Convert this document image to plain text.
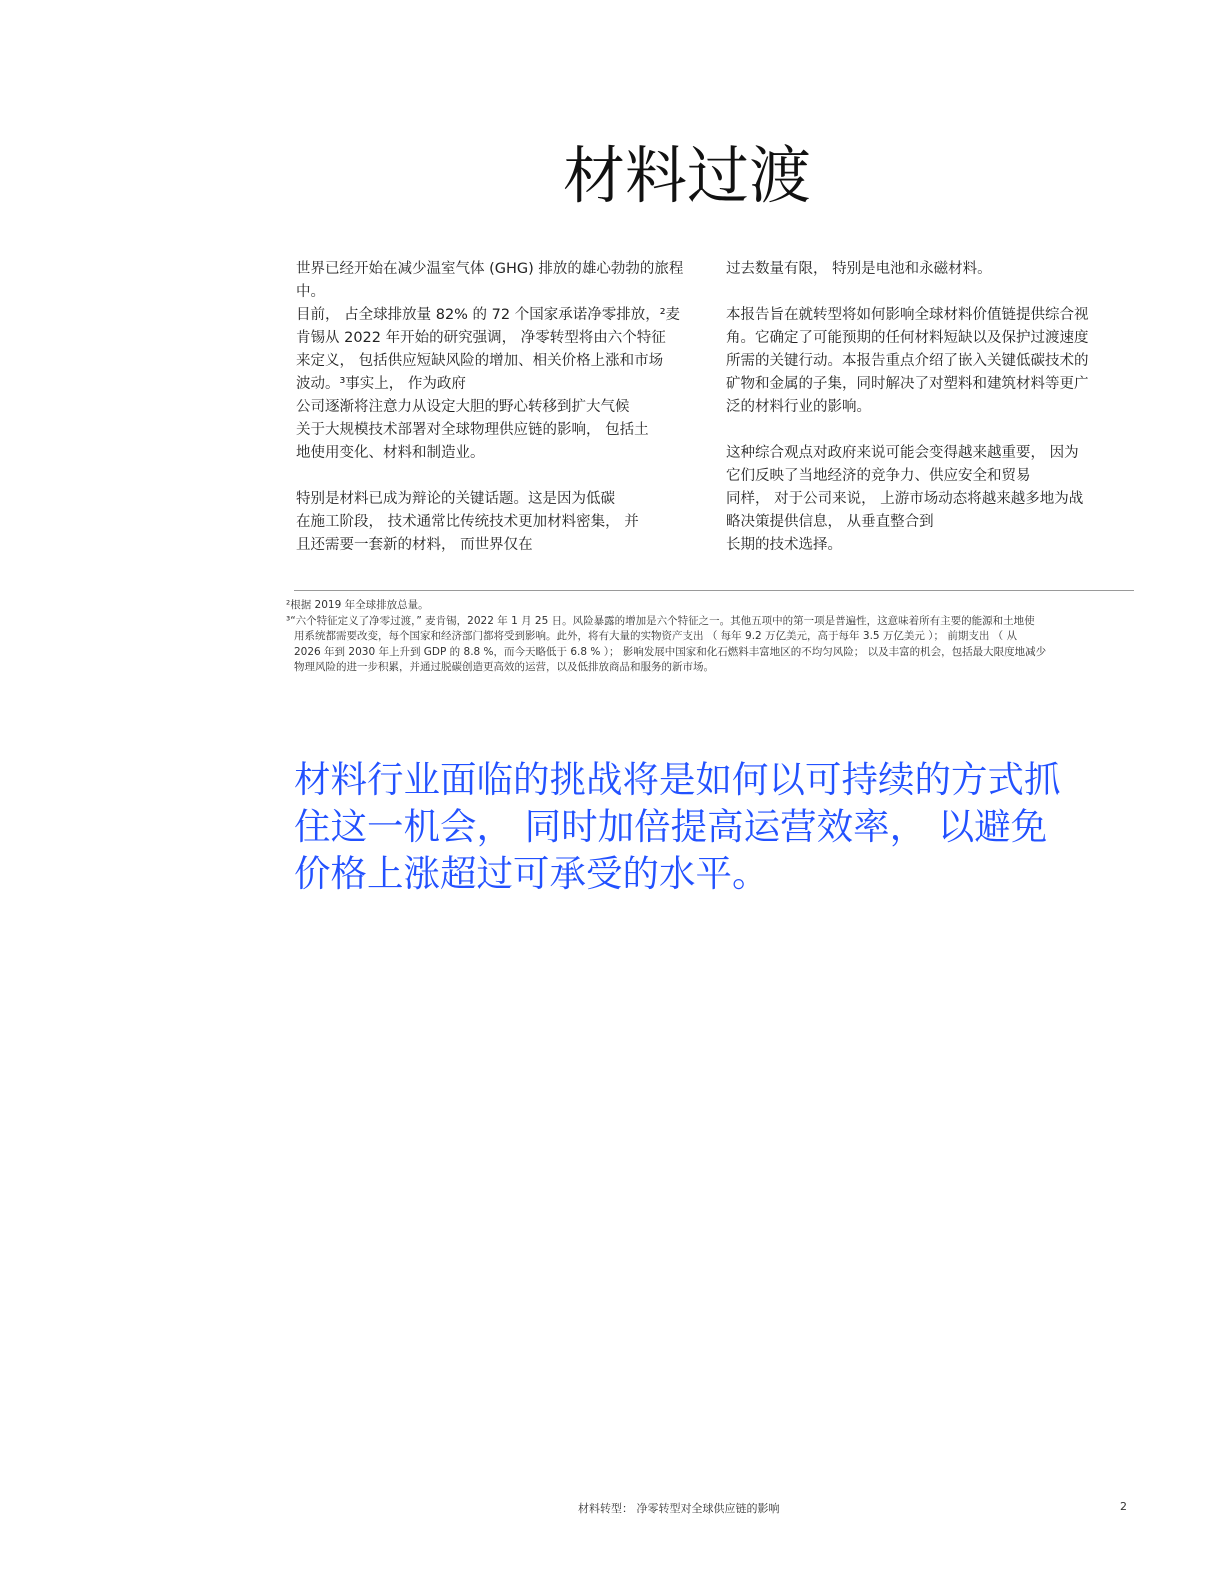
材料过渡

世界已经开始在减少温室气体 (GHG) 排放的雄心勃勃的旅程
中。
目前， 占全球排放量 82% 的 72 个国家承诺净零排放，²麦
肯锡从 2022 年开始的研究强调， 净零转型将由六个特征
来定义， 包括供应短缺风险的增加、相关价格上涨和市场
波动。³事实上， 作为政府
公司逐渐将注意力从设定大胆的野心转移到扩大气候
关于大规模技术部署对全球物理供应链的影响， 包括土
地使用变化、材料和制造业。

特别是材料已成为辩论的关键话题。这是因为低碳
在施工阶段， 技术通常比传统技术更加材料密集， 并
且还需要一套新的材料， 而世界仅在

过去数量有限， 特别是电池和永磁材料。

本报告旨在就转型将如何影响全球材料价值链提供综合视
角。它确定了可能预期的任何材料短缺以及保护过渡速度
所需的关键行动。本报告重点介绍了嵌入关键低碳技术的
矿物和金属的子集，同时解决了对塑料和建筑材料等更广
泛的材料行业的影响。

这种综合观点对政府来说可能会变得越来越重要， 因为
它们反映了当地经济的竞争力、供应安全和贸易
同样， 对于公司来说， 上游市场动态将越来越多地为战
略决策提供信息， 从垂直整合到
长期的技术选择。

²根据 2019 年全球排放总量。

³“六个特征定义了净零过渡，” 麦肯锡，2022 年 1 月 25 日。风险暴露的增加是六个特征之一。其他五项中的第一项是普遍性，这意味着所有主要的能源和土地使
用系统都需要改变，每个国家和经济部门都将受到影响。此外，将有大量的实物资产支出 （ 每年 9.2 万亿美元，高于每年 3.5 万亿美元 ）； 前期支出 （ 从
2026 年到 2030 年上升到 GDP 的 8.8 %，而今天略低于 6.8 % ）； 影响发展中国家和化石燃料丰富地区的不均匀风险； 以及丰富的机会，包括最大限度地减少
物理风险的进一步积累，并通过脱碳创造更高效的运营，以及低排放商品和服务的新市场。

材料行业面临的挑战将是如何以可持续的方式抓
住这一机会， 同时加倍提高运营效率， 以避免
价格上涨超过可承受的水平。

材料转型： 净零转型对全球供应链的影响	2
